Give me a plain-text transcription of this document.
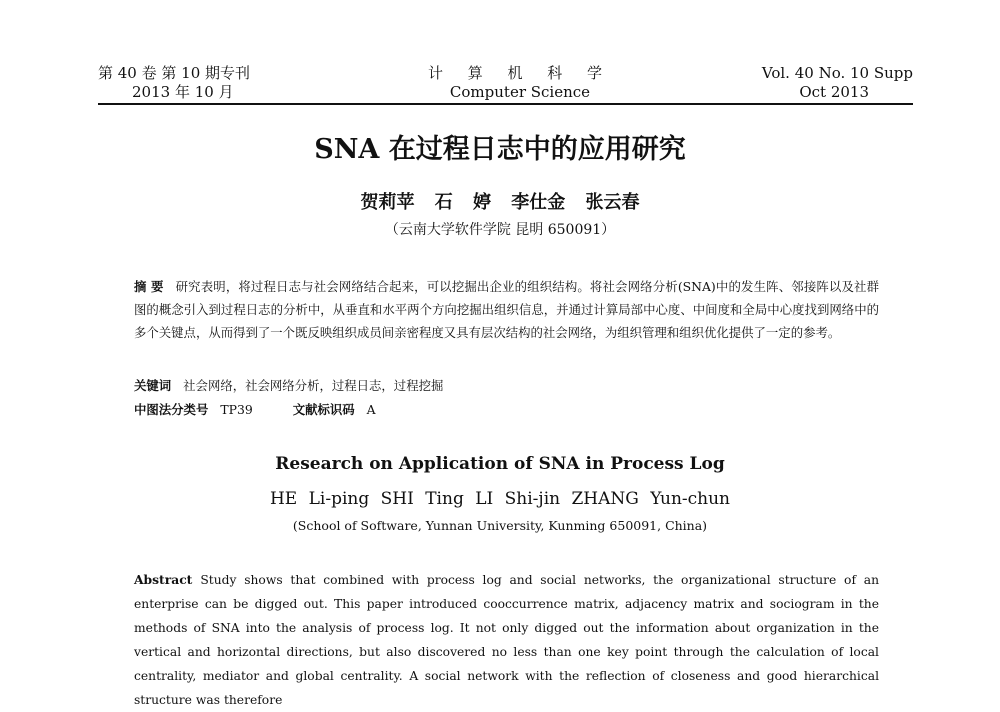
第 40 卷 第 10 期专刊
2013 年 10 月
计 算 机 科 学
Computer Science
Vol. 40 No. 10 Supp
Oct 2013
SNA 在过程日志中的应用研究
贺莉苹 石 婷 李仕金 张云春
（云南大学软件学院 昆明 650091）
摘 要 研究表明，将过程日志与社会网络结合起来，可以挖掘出企业的组织结构。将社会网络分析(SNA)中的发生阵、邻接阵以及社群图的概念引入到过程日志的分析中，从垂直和水平两个方向挖掘出组织信息，并通过计算局部中心度、中间度和全局中心度找到网络中的多个关键点，从而得到了一个既反映组织成员间亲密程度又具有层次结构的社会网络，为组织管理和组织优化提供了一定的参考。
关键词 社会网络，社会网络分析，过程日志，过程挖掘
中图法分类号 TP39	文献标识码 A
Research on Application of SNA in Process Log
HE Li-ping SHI Ting LI Shi-jin ZHANG Yun-chun
(School of Software, Yunnan University, Kunming 650091, China)
Abstract Study shows that combined with process log and social networks, the organizational structure of an enterprise can be digged out. This paper introduced cooccurrence matrix, adjacency matrix and sociogram in the methods of SNA into the analysis of process log. It not only digged out the information about organization in the vertical and horizontal directions, but also discovered no less than one key point through the calculation of local centrality, mediator and global centrality. A social network with the reflection of closeness and good hierarchical structure was therefore
